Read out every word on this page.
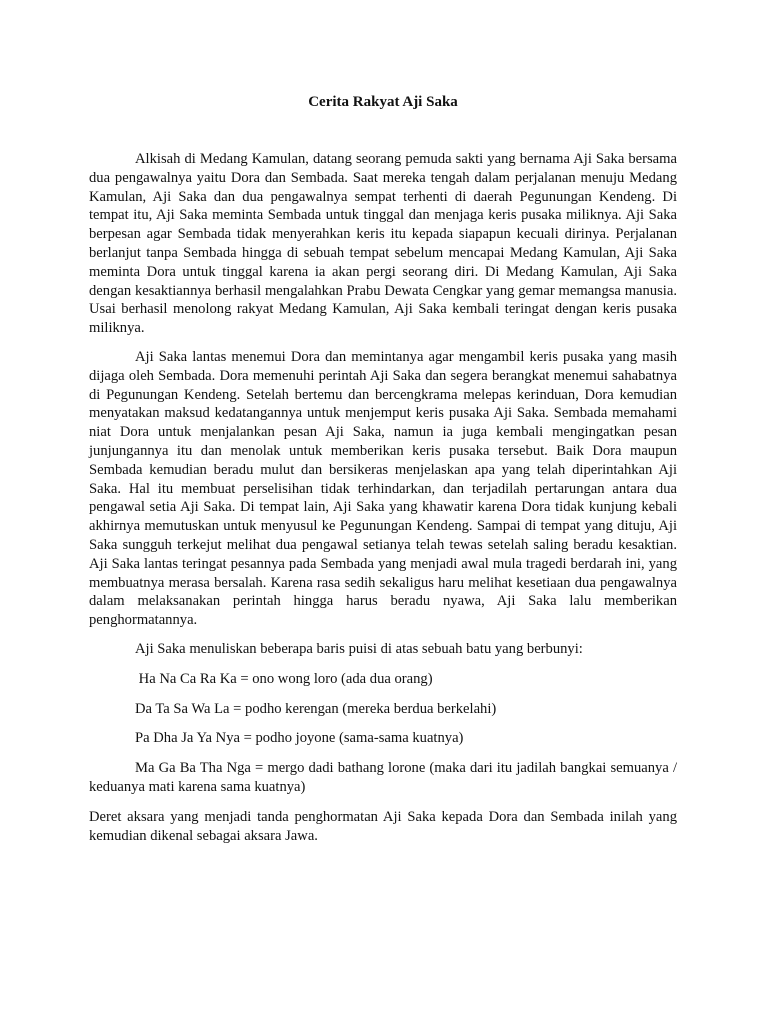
Cerita Rakyat Aji Saka

Alkisah di Medang Kamulan, datang seorang pemuda sakti yang bernama Aji Saka bersama dua pengawalnya yaitu Dora dan Sembada. Saat mereka tengah dalam perjalanan menuju Medang Kamulan, Aji Saka dan dua pengawalnya sempat terhenti di daerah Pegunungan Kendeng. Di tempat itu, Aji Saka meminta Sembada untuk tinggal dan menjaga keris pusaka miliknya. Aji Saka berpesan agar Sembada tidak menyerahkan keris itu kepada siapapun kecuali dirinya. Perjalanan berlanjut tanpa Sembada hingga di sebuah tempat sebelum mencapai Medang Kamulan, Aji Saka meminta Dora untuk tinggal karena ia akan pergi seorang diri. Di Medang Kamulan, Aji Saka dengan kesaktiannya berhasil mengalahkan Prabu Dewata Cengkar yang gemar memangsa manusia. Usai berhasil menolong rakyat Medang Kamulan, Aji Saka kembali teringat dengan keris pusaka miliknya.

Aji Saka lantas menemui Dora dan memintanya agar mengambil keris pusaka yang masih dijaga oleh Sembada. Dora memenuhi perintah Aji Saka dan segera berangkat menemui sahabatnya di Pegunungan Kendeng. Setelah bertemu dan bercengkrama melepas kerinduan, Dora kemudian menyatakan maksud kedatangannya untuk menjemput keris pusaka Aji Saka. Sembada memahami niat Dora untuk menjalankan pesan Aji Saka, namun ia juga kembali mengingatkan pesan junjungannya itu dan menolak untuk memberikan keris pusaka tersebut. Baik Dora maupun Sembada kemudian beradu mulut dan bersikeras menjelaskan apa yang telah diperintahkan Aji Saka. Hal itu membuat perselisihan tidak terhindarkan, dan terjadilah pertarungan antara dua pengawal setia Aji Saka. Di tempat lain, Aji Saka yang khawatir karena Dora tidak kunjung kebali akhirnya memutuskan untuk menyusul ke Pegunungan Kendeng. Sampai di tempat yang dituju, Aji Saka sungguh terkejut melihat dua pengawal setianya telah tewas setelah saling beradu kesaktian. Aji Saka lantas teringat pesannya pada Sembada yang menjadi awal mula tragedi berdarah ini, yang membuatnya merasa bersalah. Karena rasa sedih sekaligus haru melihat kesetiaan dua pengawalnya dalam melaksanakan perintah hingga harus beradu nyawa, Aji Saka lalu memberikan penghormatannya.

Aji Saka menuliskan beberapa baris puisi di atas sebuah batu yang berbunyi:

Ha Na Ca Ra Ka = ono wong loro (ada dua orang)

Da Ta Sa Wa La = podho kerengan (mereka berdua berkelahi)

Pa Dha Ja Ya Nya = podho joyone (sama-sama kuatnya)

Ma Ga Ba Tha Nga = mergo dadi bathang lorone (maka dari itu jadilah bangkai semuanya / keduanya mati karena sama kuatnya)

Deret aksara yang menjadi tanda penghormatan Aji Saka kepada Dora dan Sembada inilah yang kemudian dikenal sebagai aksara Jawa.
